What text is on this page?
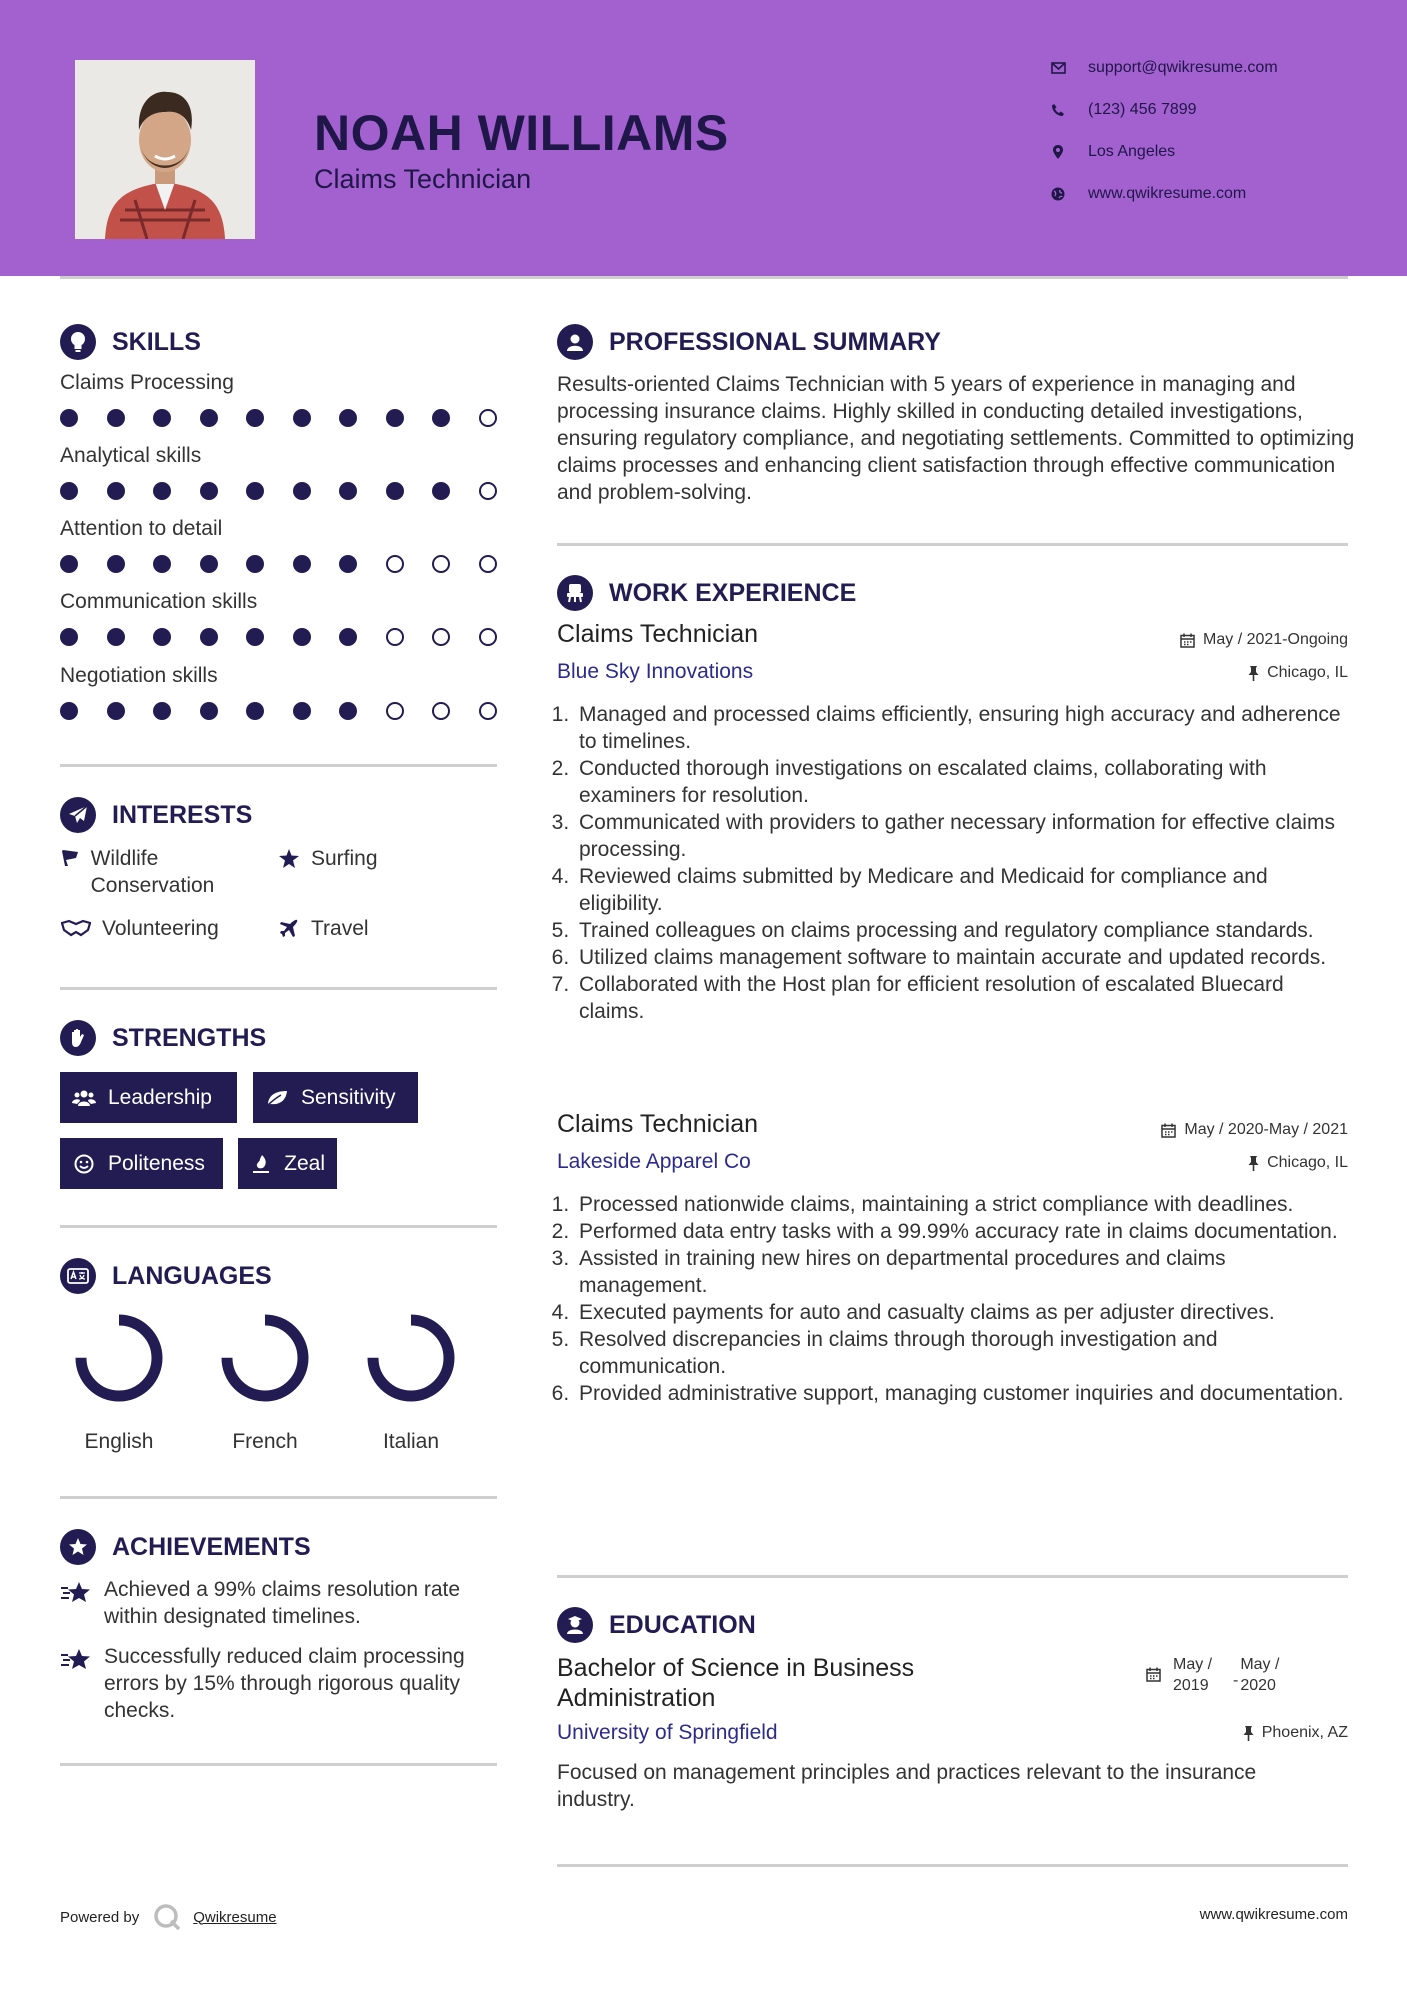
NOAH WILLIAMS
Claims Technician
support@qwikresume.com
(123) 456 7899
Los Angeles
www.qwikresume.com
SKILLS
Claims Processing
Analytical skills
Attention to detail
Communication skills
Negotiation skills
INTERESTS
Wildlife Conservation
Surfing
Volunteering	Travel
STRENGTHS
Leadership	Sensitivity
Politeness	Zeal
LANGUAGES
English	French	Italian
ACHIEVEMENTS
Achieved a 99% claims resolution rate within designated timelines.
Successfully reduced claim processing errors by 15% through rigorous quality checks.
PROFESSIONAL SUMMARY
Results-oriented Claims Technician with 5 years of experience in managing and processing insurance claims. Highly skilled in conducting detailed investigations, ensuring regulatory compliance, and negotiating settlements. Committed to optimizing claims processes and enhancing client satisfaction through effective communication and problem-solving.
WORK EXPERIENCE
Claims Technician	May / 2021-Ongoing
Blue Sky Innovations	Chicago, IL
1. Managed and processed claims efficiently, ensuring high accuracy and adherence to timelines.
2. Conducted thorough investigations on escalated claims, collaborating with examiners for resolution.
3. Communicated with providers to gather necessary information for effective claims processing.
4. Reviewed claims submitted by Medicare and Medicaid for compliance and eligibility.
5. Trained colleagues on claims processing and regulatory compliance standards.
6. Utilized claims management software to maintain accurate and updated records.
7. Collaborated with the Host plan for efficient resolution of escalated Bluecard claims.
Claims Technician	May / 2020-May / 2021
Lakeside Apparel Co	Chicago, IL
1. Processed nationwide claims, maintaining a strict compliance with deadlines.
2. Performed data entry tasks with a 99.99% accuracy rate in claims documentation.
3. Assisted in training new hires on departmental procedures and claims management.
4. Executed payments for auto and casualty claims as per adjuster directives.
5. Resolved discrepancies in claims through thorough investigation and communication.
6. Provided administrative support, managing customer inquiries and documentation.
EDUCATION
Bachelor of Science in Business Administration
May / 2019	-
May / 2020
University of Springfield	Phoenix, AZ
Focused on management principles and practices relevant to the insurance industry.
Powered by	Qwikresume	www.qwikresume.com
